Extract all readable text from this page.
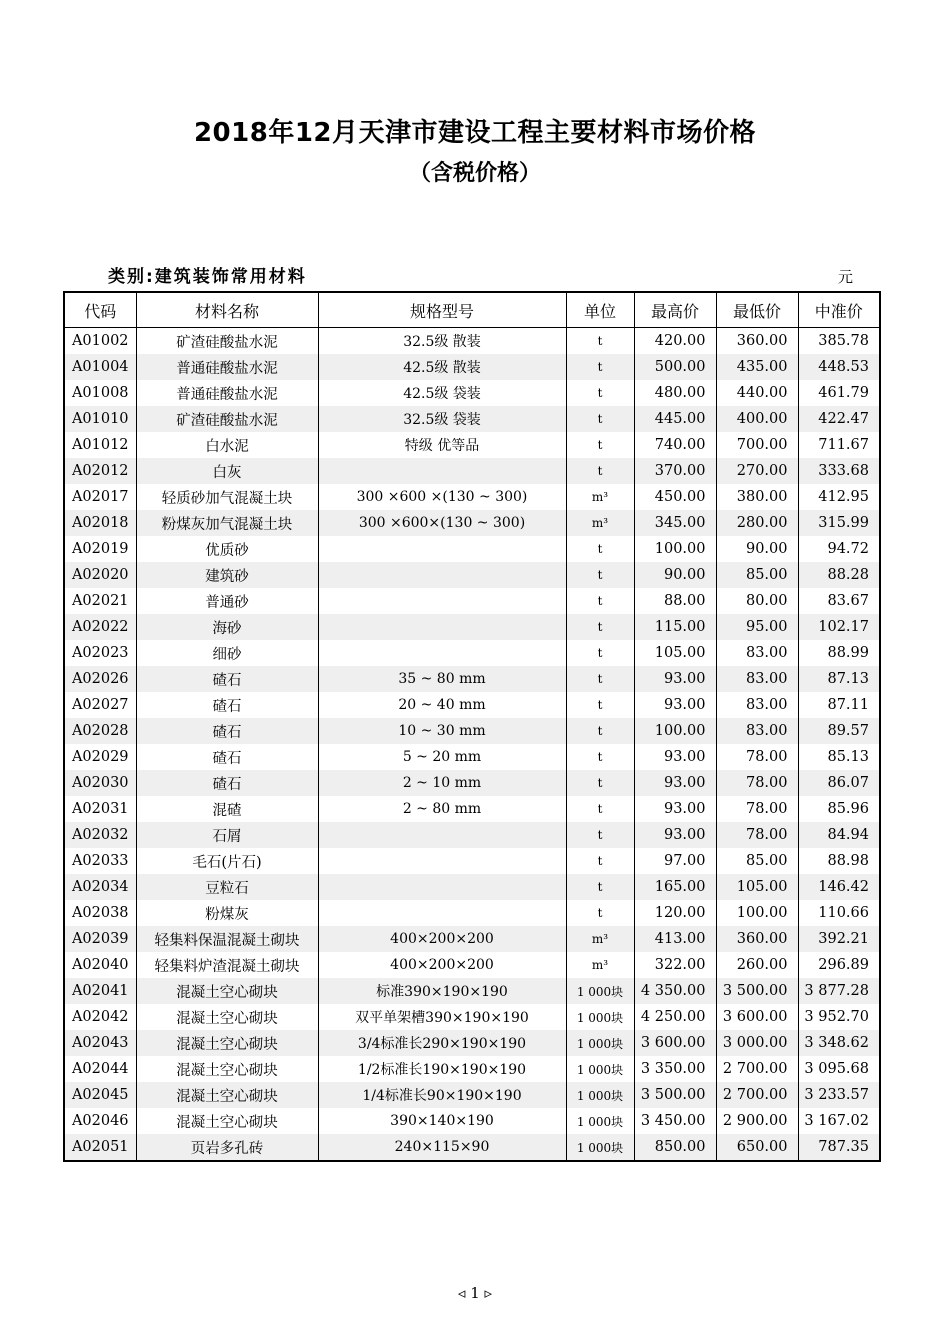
2018年12月天津市建设工程主要材料市场价格
（含税价格）
类别:建筑装饰常用材料	元
代码	材料名称	规格型号	单位	最高价	最低价	中准价
A01002	矿渣硅酸盐水泥	32.5级 散装	t	420.00	360.00	385.78
A01004	普通硅酸盐水泥	42.5级 散装	t	500.00	435.00	448.53
A01008	普通硅酸盐水泥	42.5级 袋装	t	480.00	440.00	461.79
A01010	矿渣硅酸盐水泥	32.5级 袋装	t	445.00	400.00	422.47
A01012	白水泥	特级 优等品	t	740.00	700.00	711.67
A02012	白灰		t	370.00	270.00	333.68
A02017	轻质砂加气混凝土块	300 ×600 ×(130 ~ 300)	m³	450.00	380.00	412.95
A02018	粉煤灰加气混凝土块	300 ×600×(130 ~ 300)	m³	345.00	280.00	315.99
A02019	优质砂		t	100.00	90.00	94.72
A02020	建筑砂		t	90.00	85.00	88.28
A02021	普通砂		t	88.00	80.00	83.67
A02022	海砂		t	115.00	95.00	102.17
A02023	细砂		t	105.00	83.00	88.99
A02026	碴石	35 ~ 80 mm	t	93.00	83.00	87.13
A02027	碴石	20 ~ 40 mm	t	93.00	83.00	87.11
A02028	碴石	10 ~ 30 mm	t	100.00	83.00	89.57
A02029	碴石	5 ~ 20 mm	t	93.00	78.00	85.13
A02030	碴石	2 ~ 10 mm	t	93.00	78.00	86.07
A02031	混碴	2 ~ 80 mm	t	93.00	78.00	85.96
A02032	石屑		t	93.00	78.00	84.94
A02033	毛石(片石)		t	97.00	85.00	88.98
A02034	豆粒石		t	165.00	105.00	146.42
A02038	粉煤灰		t	120.00	100.00	110.66
A02039	轻集料保温混凝土砌块	400×200×200	m³	413.00	360.00	392.21
A02040	轻集料炉渣混凝土砌块	400×200×200	m³	322.00	260.00	296.89
A02041	混凝土空心砌块	标准390×190×190	1 000块	4 350.00	3 500.00	3 877.28
A02042	混凝土空心砌块	双平单架槽390×190×190	1 000块	4 250.00	3 600.00	3 952.70
A02043	混凝土空心砌块	3/4标准长290×190×190	1 000块	3 600.00	3 000.00	3 348.62
A02044	混凝土空心砌块	1/2标准长190×190×190	1 000块	3 350.00	2 700.00	3 095.68
A02045	混凝土空心砌块	1/4标准长90×190×190	1 000块	3 500.00	2 700.00	3 233.57
A02046	混凝土空心砌块	390×140×190	1 000块	3 450.00	2 900.00	3 167.02
A02051	页岩多孔砖	240×115×90	1 000块	850.00	650.00	787.35
◃ 1 ▹
